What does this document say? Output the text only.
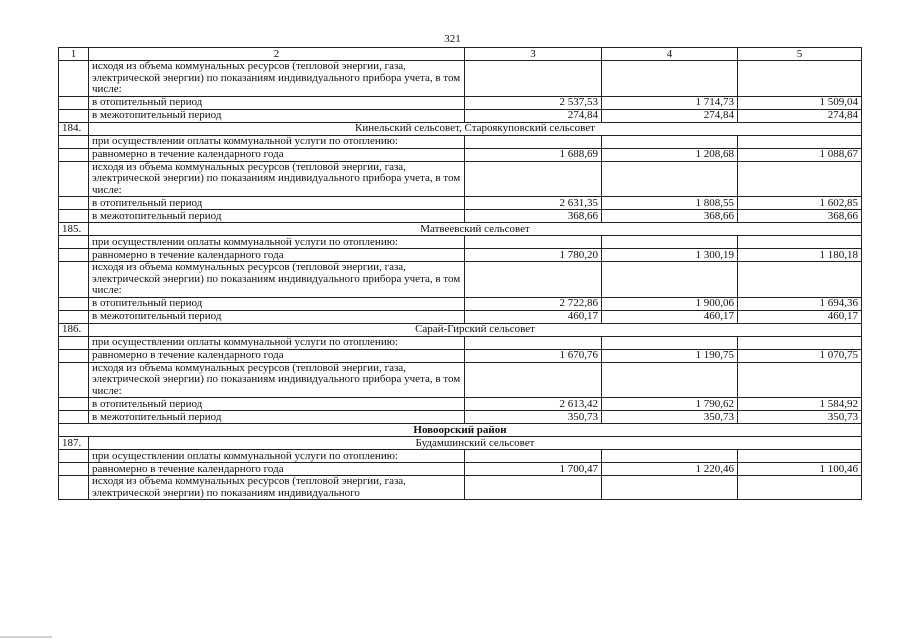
321
1	2	3	4	5
	исходя из объема коммунальных ресурсов (тепловой энергии, газа, электрической энергии) по показаниям индивидуального прибора учета, в том числе:			
	в отопительный период	2 537,53	1 714,73	1 509,04
	в межотопительный период	274,84	274,84	274,84
184.	Кинельский сельсовет, Староякуповский сельсовет			
	при осуществлении оплаты коммунальной услуги по отоплению:			
	равномерно в течение календарного года	1 688,69	1 208,68	1 088,67
	исходя из объема коммунальных ресурсов (тепловой энергии, газа, электрической энергии) по показаниям индивидуального прибора учета, в том числе:			
	в отопительный период	2 631,35	1 808,55	1 602,85
	в межотопительный период	368,66	368,66	368,66
185.	Матвеевский сельсовет			
	при осуществлении оплаты коммунальной услуги по отоплению:			
	равномерно в течение календарного года	1 780,20	1 300,19	1 180,18
	исходя из объема коммунальных ресурсов (тепловой энергии, газа, электрической энергии) по показаниям индивидуального прибора учета, в том числе:			
	в отопительный период	2 722,86	1 900,06	1 694,36
	в межотопительный период	460,17	460,17	460,17
186.	Сарай-Гирский сельсовет			
	при осуществлении оплаты коммунальной услуги по отоплению:			
	равномерно в течение календарного года	1 670,76	1 190,75	1 070,75
	исходя из объема коммунальных ресурсов (тепловой энергии, газа, электрической энергии) по показаниям индивидуального прибора учета, в том числе:			
	в отопительный период	2 613,42	1 790,62	1 584,92
	в межотопительный период	350,73	350,73	350,73
Новоорский район				
187.	Будамшинский сельсовет			
	при осуществлении оплаты коммунальной услуги по отоплению:			
	равномерно в течение календарного года	1 700,47	1 220,46	1 100,46
	исходя из объема коммунальных ресурсов (тепловой энергии, газа, электрической энергии) по показаниям индивидуального			
